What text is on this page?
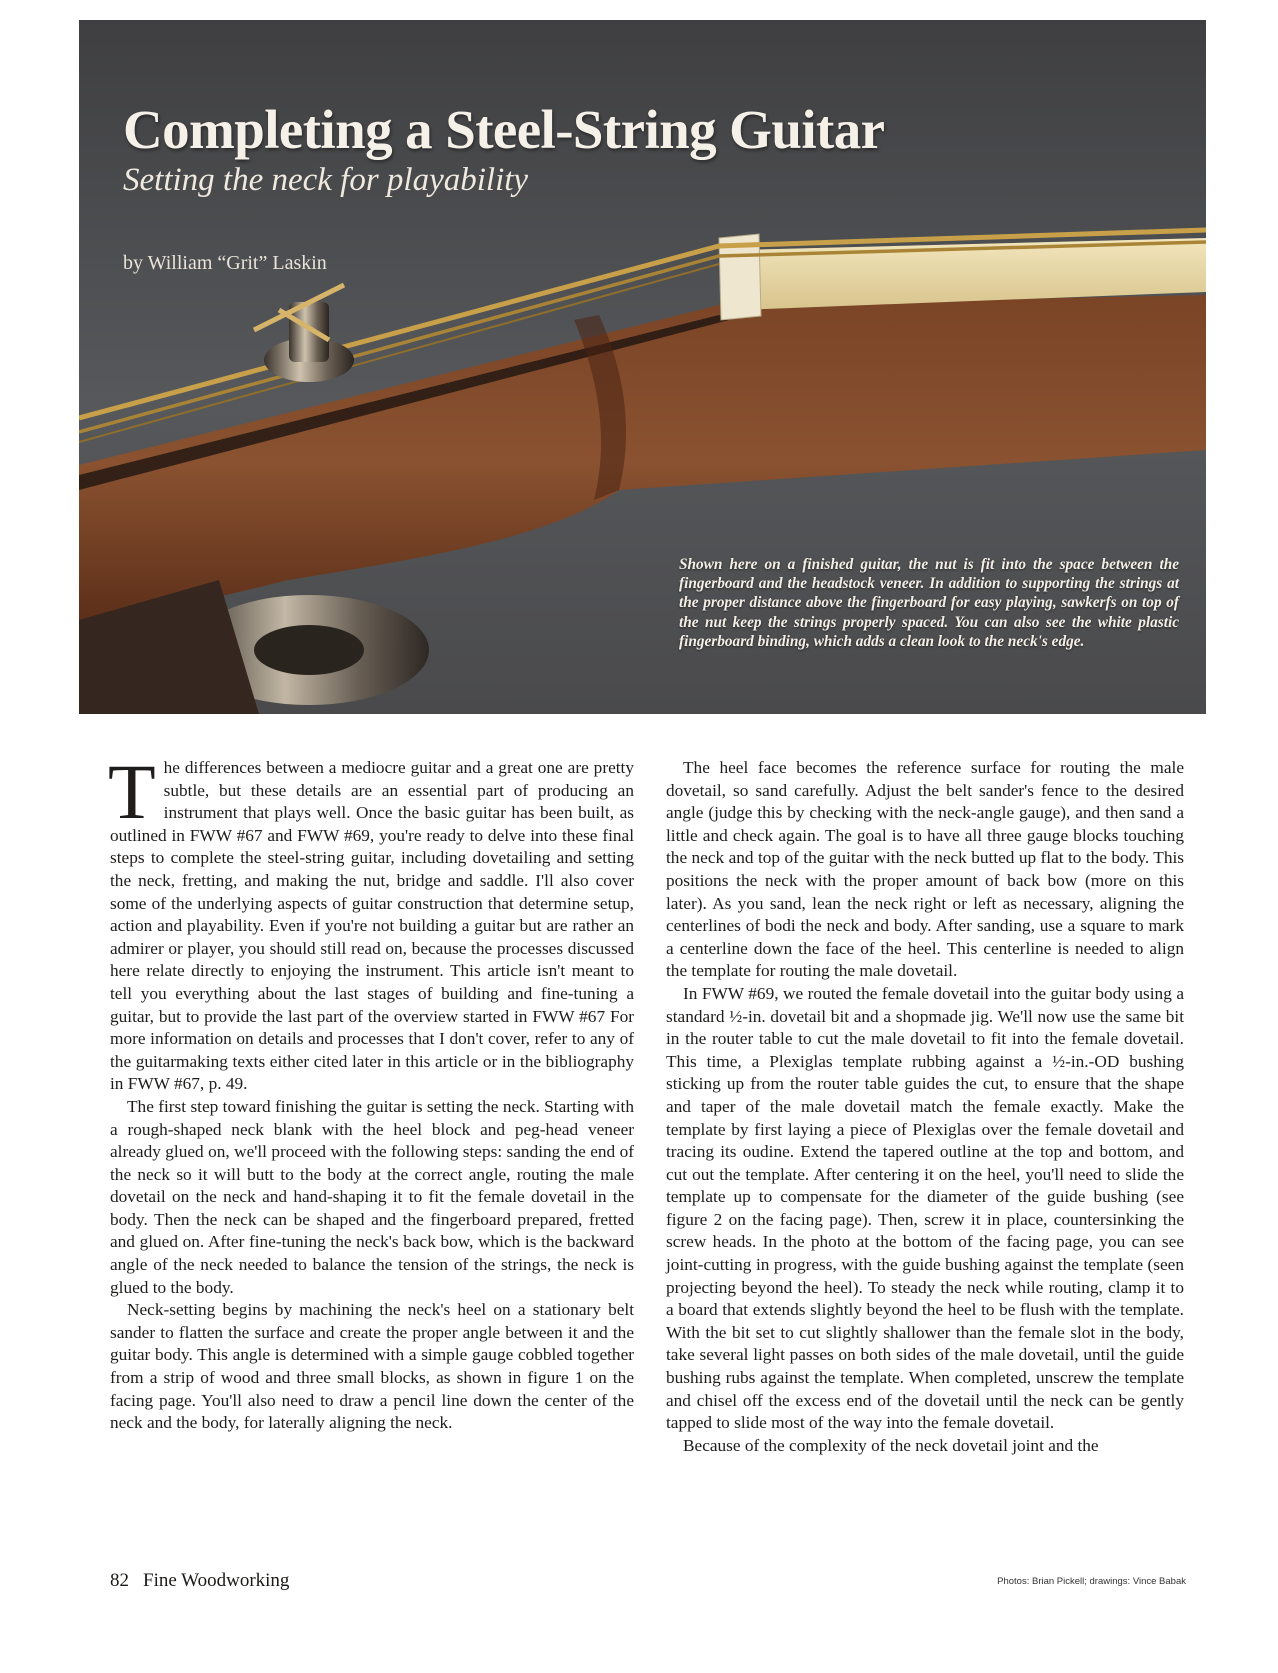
Completing a Steel-String Guitar

Setting the neck for playability

by William “Grit” Laskin

Shown here on a finished guitar, the nut is fit into the space between the fingerboard and the headstock veneer. In addition to supporting the strings at the proper distance above the fingerboard for easy playing, sawkerfs on top of the nut keep the strings properly spaced. You can also see the white plastic fingerboard binding, which adds a clean look to the neck's edge.

The differences between a mediocre guitar and a great one are pretty subtle, but these details are an essential part of producing an instrument that plays well. Once the basic guitar has been built, as outlined in FWW #67 and FWW #69, you're ready to delve into these final steps to complete the steel-string guitar, including dovetailing and setting the neck, fretting, and making the nut, bridge and saddle. I'll also cover some of the underlying aspects of guitar construction that determine setup, action and playability. Even if you're not building a guitar but are rather an admirer or player, you should still read on, because the processes discussed here relate directly to enjoying the instrument. This article isn't meant to tell you everything about the last stages of building and fine-tuning a guitar, but to provide the last part of the overview started in FWW #67 For more information on details and processes that I don't cover, refer to any of the guitarmaking texts either cited later in this article or in the bibliography in FWW #67, p. 49.

The first step toward finishing the guitar is setting the neck. Starting with a rough-shaped neck blank with the heel block and peg-head veneer already glued on, we'll proceed with the following steps: sanding the end of the neck so it will butt to the body at the correct angle, routing the male dovetail on the neck and hand-shaping it to fit the female dovetail in the body. Then the neck can be shaped and the fingerboard prepared, fretted and glued on. After fine-tuning the neck's back bow, which is the backward angle of the neck needed to balance the tension of the strings, the neck is glued to the body.

Neck-setting begins by machining the neck's heel on a stationary belt sander to flatten the surface and create the proper angle between it and the guitar body. This angle is determined with a simple gauge cobbled together from a strip of wood and three small blocks, as shown in figure 1 on the facing page. You'll also need to draw a pencil line down the center of the neck and the body, for laterally aligning the neck.

The heel face becomes the reference surface for routing the male dovetail, so sand carefully. Adjust the belt sander's fence to the desired angle (judge this by checking with the neck-angle gauge), and then sand a little and check again. The goal is to have all three gauge blocks touching the neck and top of the guitar with the neck butted up flat to the body. This positions the neck with the proper amount of back bow (more on this later). As you sand, lean the neck right or left as necessary, aligning the centerlines of bodi the neck and body. After sanding, use a square to mark a centerline down the face of the heel. This centerline is needed to align the template for routing the male dovetail.

In FWW #69, we routed the female dovetail into the guitar body using a standard ½-in. dovetail bit and a shopmade jig. We'll now use the same bit in the router table to cut the male dovetail to fit into the female dovetail. This time, a Plexiglas template rubbing against a ½-in.-OD bushing sticking up from the router table guides the cut, to ensure that the shape and taper of the male dovetail match the female exactly. Make the template by first laying a piece of Plexiglas over the female dovetail and tracing its oudine. Extend the tapered outline at the top and bottom, and cut out the template. After centering it on the heel, you'll need to slide the template up to compensate for the diameter of the guide bushing (see figure 2 on the facing page). Then, screw it in place, countersinking the screw heads. In the photo at the bottom of the facing page, you can see joint-cutting in progress, with the guide bushing against the template (seen projecting beyond the heel). To steady the neck while routing, clamp it to a board that extends slightly beyond the heel to be flush with the template. With the bit set to cut slightly shallower than the female slot in the body, take several light passes on both sides of the male dovetail, until the guide bushing rubs against the template. When completed, unscrew the template and chisel off the excess end of the dovetail until the neck can be gently tapped to slide most of the way into the female dovetail.

Because of the complexity of the neck dovetail joint and the

82 Fine Woodworking	Photos: Brian Pickell; drawings: Vince Babak
